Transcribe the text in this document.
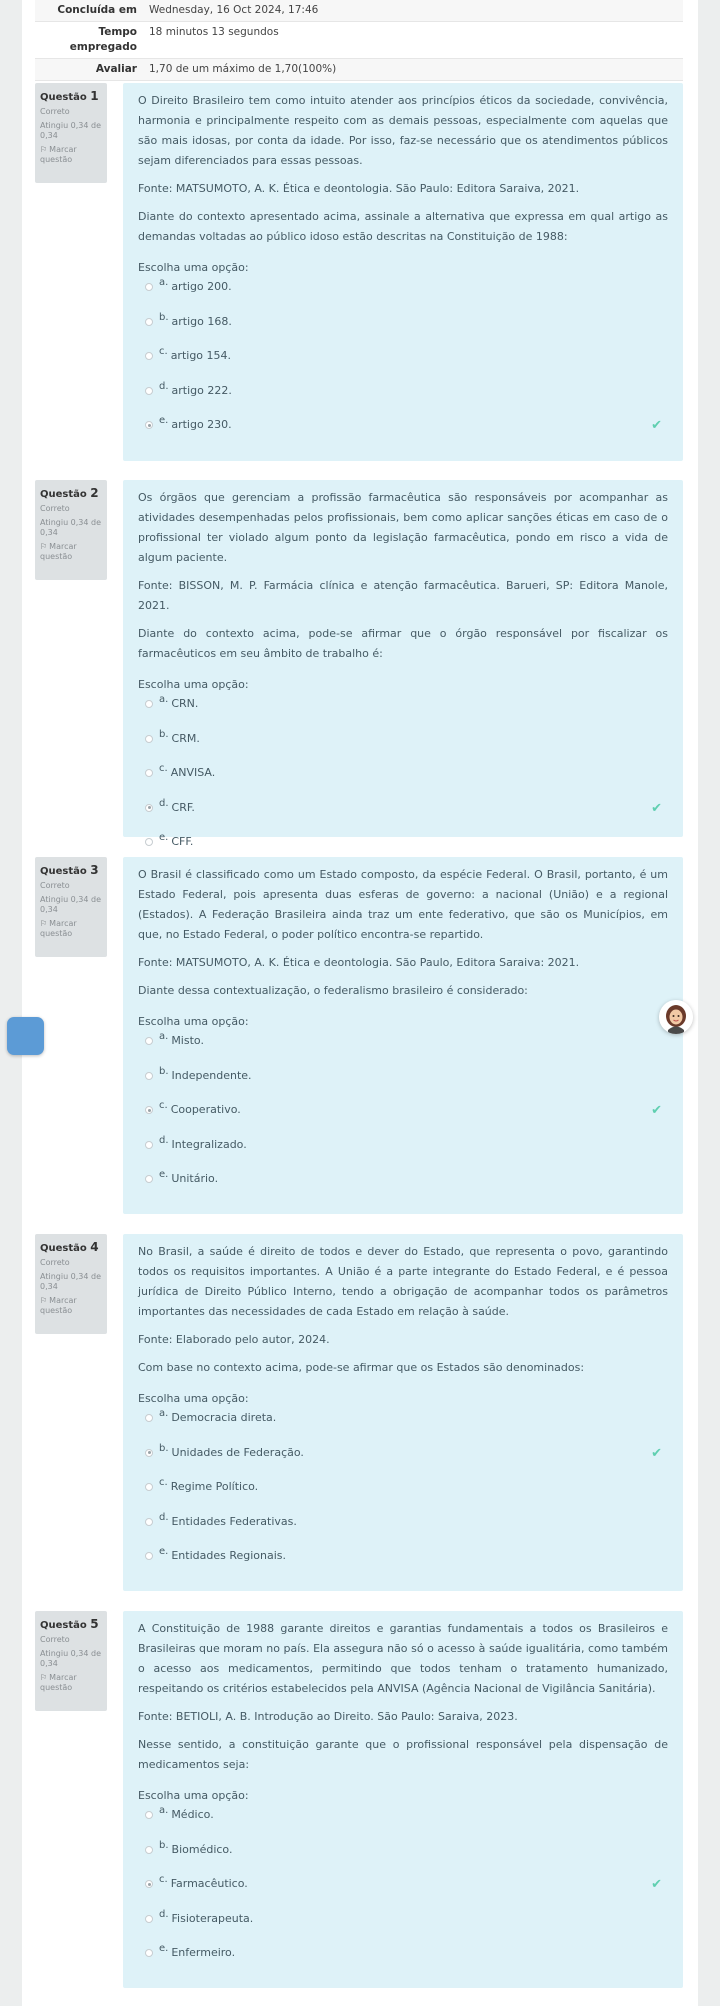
Concluída em	Wednesday, 16 Oct 2024, 17:46
Tempo empregado
18 minutos 13 segundos
Avaliar	1,70 de um máximo de 1,70(100%)
Questão 1
Correto
Atingiu 0,34 de 0,34
⚐ Marcar questão

O Direito Brasileiro tem como intuito atender aos princípios éticos da sociedade, convivência, harmonia e principalmente respeito com as demais pessoas, especialmente com aquelas que são mais idosas, por conta da idade. Por isso, faz-se necessário que os atendimentos públicos sejam diferenciados para essas pessoas.

Fonte: MATSUMOTO, A. K. Ética e deontologia. São Paulo: Editora Saraiva, 2021.

Diante do contexto apresentado acima, assinale a alternativa que expressa em qual artigo as demandas voltadas ao público idoso estão descritas na Constituição de 1988:

Escolha uma opção:
a. artigo 200.
b. artigo 168.
c. artigo 154.
d. artigo 222.
e. artigo 230.	✔
Questão 2
Correto
Atingiu 0,34 de 0,34
⚐ Marcar questão

Os órgãos que gerenciam a profissão farmacêutica são responsáveis por acompanhar as atividades desempenhadas pelos profissionais, bem como aplicar sanções éticas em caso de o profissional ter violado algum ponto da legislação farmacêutica, pondo em risco a vida de algum paciente.

Fonte: BISSON, M. P. Farmácia clínica e atenção farmacêutica. Barueri, SP: Editora Manole, 2021.

Diante do contexto acima, pode-se afirmar que o órgão responsável por fiscalizar os farmacêuticos em seu âmbito de trabalho é:

Escolha uma opção:
a. CRN.
b. CRM.
c. ANVISA.
d. CRF.	✔
e. CFF.
Questão 3
Correto
Atingiu 0,34 de 0,34
⚐ Marcar questão

O Brasil é classificado como um Estado composto, da espécie Federal. O Brasil, portanto, é um Estado Federal, pois apresenta duas esferas de governo: a nacional (União) e a regional (Estados). A Federação Brasileira ainda traz um ente federativo, que são os Municípios, em que, no Estado Federal, o poder político encontra-se repartido.

Fonte: MATSUMOTO, A. K. Ética e deontologia. São Paulo, Editora Saraiva: 2021.

Diante dessa contextualização, o federalismo brasileiro é considerado:

Escolha uma opção:
a. Misto.
b. Independente.
c. Cooperativo.	✔
d. Integralizado.
e. Unitário.
Questão 4
Correto
Atingiu 0,34 de 0,34
⚐ Marcar questão

No Brasil, a saúde é direito de todos e dever do Estado, que representa o povo, garantindo todos os requisitos importantes. A União é a parte integrante do Estado Federal, e é pessoa jurídica de Direito Público Interno, tendo a obrigação de acompanhar todos os parâmetros importantes das necessidades de cada Estado em relação à saúde.

Fonte: Elaborado pelo autor, 2024.

Com base no contexto acima, pode-se afirmar que os Estados são denominados:

Escolha uma opção:
a. Democracia direta.
b. Unidades de Federação.	✔
c. Regime Político.
d. Entidades Federativas.
e. Entidades Regionais.
Questão 5
Correto
Atingiu 0,34 de 0,34
⚐ Marcar questão

A Constituição de 1988 garante direitos e garantias fundamentais a todos os Brasileiros e Brasileiras que moram no país. Ela assegura não só o acesso à saúde igualitária, como também o acesso aos medicamentos, permitindo que todos tenham o tratamento humanizado, respeitando os critérios estabelecidos pela ANVISA (Agência Nacional de Vigilância Sanitária).

Fonte: BETIOLI, A. B. Introdução ao Direito. São Paulo: Saraiva, 2023.

Nesse sentido, a constituição garante que o profissional responsável pela dispensação de medicamentos seja:

Escolha uma opção:
a. Médico.
b. Biomédico.
c. Farmacêutico.	✔
d. Fisioterapeuta.
e. Enfermeiro.
